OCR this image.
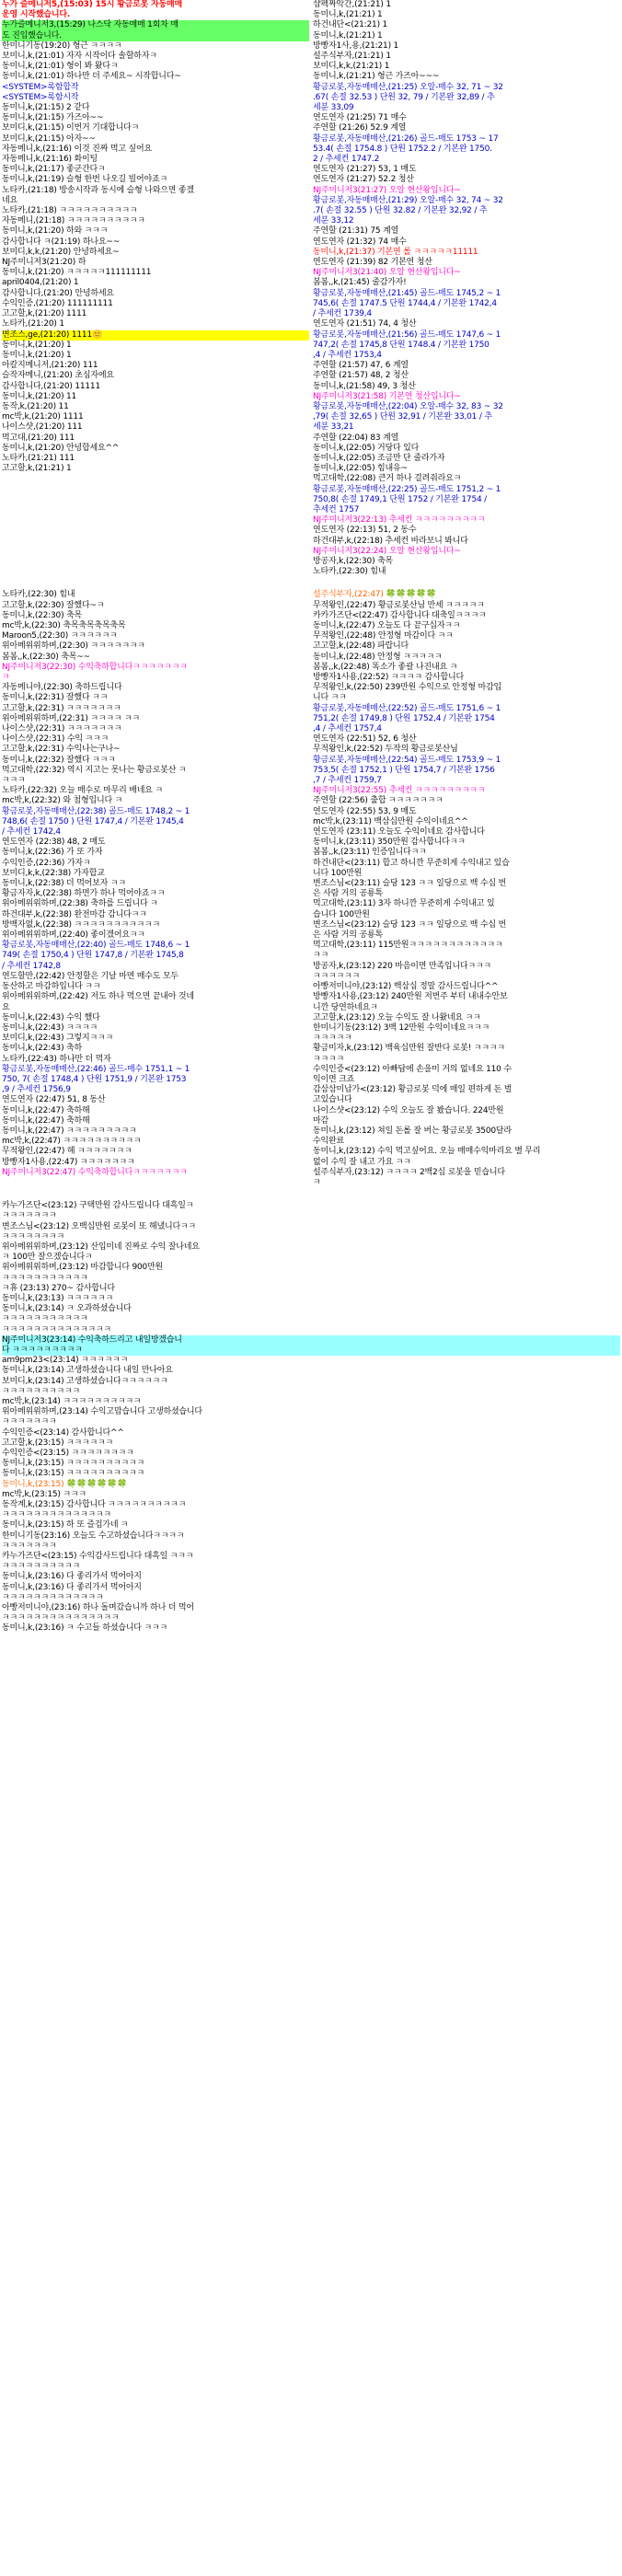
누가 즐메니저5,(15:03) 15시 황금로봇 자동매매
운영 시작했습니다.
누가즐메니저3,(15:29) 나스닥 자동매매 1회차 매
도 진입했습니다.
한미니기동(19:20) 형근 ㅋㅋㅋㅋ
보미니,k,(21:01) 자자 시작이다 솔할하자ㅋ
동미니,k,(21:01) 형이 봐 왔다ㅋ
동미니,k,(21:01) 하나만 더 주세요~ 시작합니다~
<SYSTEM>록함합작
<SYSTEM>록함시작
동미니,k,(21:15) 2 같다
동미니,k,(21:15) 가즈아~~
보미디,k,(21:15) 이번거 기대합니다ㅋ
보미디,k,(21:15) 아자~~
자동메니,k,(21:16) 이것 진짜 먹고 싶어요
자동메니,k,(21:16) 화이팅
동미니,k,(21:17) 좋군간다ㅋ
동미니,k,(21:19) 슬형 한번 나오길 빌어야죠ㅋ
노타카,(21:18) 방송시작과 동시에 슬형 나와으면 좋겠
네요
노타카,(21:18) ㅋㅋㅋㅋㅋㅋㅋㅋㅋㅋ
자동메니,(21:18) ㅋㅋㅋㅋㅋㅋㅋㅋㅋㅋ
동미니,k,(21:20) 하와 ㅋㅋㅋ
감사합니다 ㅋ(21:19) 하나요~~
보미디,k,k,(21:20) 안녕하세요~
NJ주미니저3(21:20) 하
동미니,k,(21:20) ㅋㅋㅋㅋㅋ111111111
april0404,(21:20) 1
감사합니다,(21:20) 안녕하세요
수익인증,(21:20) 111111111
고고할,k,(21:20) 1111
노타카,(21:20) 1
변조스,ge,(21:20) 1111🙂
동미니,k,(21:20) 1
동미니,k,(21:20) 1
아칼지메니저,(21:20) 111
슬작자메니,(21:20) 초심자에요
감사합니다,(21:20) 11111
동미니,k,(21:20) 11
동작,k,(21:20) 11
mc박,k,(21:20) 1111
나이스샷,(21:20) 111
먹고대,(21:20) 111
동미니,k,(21:20) 안녕합세요^^
노타카,(21:21) 111
고고할,k,(21:21) 1
샵펙짜악간,(21:21) 1
동미니,k,(21:21) 1
하건내단<(21:21) 1
동미니,k,(21:21) 1
방빵자1사,용,(21:21) 1
설주식부자,(21:21) 1
보미디,k,k,(21:21) 1
동미니,k,(21:21) 형근 가즈아~~~
황금로봇,자동매매산,(21:25) 오알-매수 32, 71 ~ 32
.67( 손절 32.53 ) 단원 32, 79 / 기본완 32,89 / 추
세분 33,09
연도연자 (21:25) 71 매수
주연할 (21:26) 52.9 계열
황금로봇,자동매매산,(21:26) 골드-매도 1753 ~ 17
53.4( 손절 1754.8 ) 단원 1752.2 / 기본완 1750.
2 / 추세컨 1747.2
연도연자 (21:27) 53, 1 매도
연도연자 (21:27) 52.2 청산
NJ주미니저3(21:27) 오알 현산왕입니다~
황금로봇,자동매매산,(21:29) 오알-매수 32, 74 ~ 32
.7( 손절 32.55 ) 단원 32.82 / 기본완 32,92 / 추
세분 33,12
주연할 (21:31) 75 계열
연도연자 (21:32) 74 매수
동미니,k,(21:37) 기본연 롤 ㅋㅋㅋㅋㅋ11111
연도연자 (21:39) 82 기본연 청산
NJ주미니저3(21:40) 오알 현산왕입니다~
봄봄,,k,(21:45) 줄감가자!
황금로봇,자동매매산,(21:45) 골드-매도 1745,2 ~ 1
745,6( 손절 1747.5 단원 1744,4 / 기본완 1742,4
/ 추세컨 1739,4
연도연자 (21:51) 74, 4 청산
황금로봇,자동매매산,(21:56) 골드-매도 1747,6 ~ 1
747,2( 손절 1745,8 단원 1748.4 / 기본완 1750
,4 / 추세컨 1753,4
주연할 (21:57) 47, 6 계열
주연할 (21:57) 48, 2 청산
동미니,k,(21:58) 49, 3 청산
NJ주미니저3(21:58) 기본연 청산입니다~
황금로봇,자동매매산,(22:04) 오알-매수 32, 83 ~ 32
,79( 손절 32,65 ) 단원 32,91 / 기본완 33,01 / 추
세분 33,21
주연할 (22:04) 83 계열
동미니,k,(22:05) 거당다 있다
동미니,k,(22:05) 조금만 단 줄라가자
동미니,k,(22:05) 힘내유~
먹고대학,(22:08) 큰거 하나 걸려줘라요ㅋ
황금로봇,자동매매산,(22:25) 골드-매도 1751,2 ~ 1
750,8( 손절 1749,1 단원 1752 / 기본완 1754 /
추세컨 1757
NJ주미니저3(22:13) 추세컨 ㅋㅋㅋㅋㅋㅋㅋㅋㅋ
연도연자 (22:13) 51, 2 동수
하건대부,k,(22:18) 추세컨 바라보니 봐니다
NJ주미니저3(22:24) 오알 현산왕입니다~
방공자,k,(22:30) 축목
노타카,(22:30) 힘내
노타카,(22:30) 힘내
고고할,k,(22:30) 잘했다~ㅋ
동미니,k,(22:30) 축목
mc박,k,(22:30) 축목축목축목축목
Maroon5,(22:30) ㅋㅋㅋㅋㅋㅋ
위아메위위하며,(22:30) ㅋㅋㅋㅋㅋㅋㅋ
봄봄,,k,(22:30) 축목~~
NJ주미니저3(22:30) 수익축하합니다ㅋㅋㅋㅋㅋㅋㅋ
ㅋ
자동메니야,(22:30) 축하드립니다
동미니,k,(22:31) 잘했다 ㅋㅋ
고고할,k,(22:31) ㅋㅋㅋㅋㅋㅋㅋ
위아메위위하며,(22:31) ㅋㅋㅋㅋ ㅋㅋ
나이스샷,(22:31) ㅋㅋㅋㅋㅋㅋㅋ
나이스샷,(22:31) 수익 ㅋㅋㅋ
고고할,k,(22:31) 수익나는구나~
동미니,k,(22:32) 잘했다 ㅋㅋㅋ
먹고대학,(22:32) 역시 지고는 못나는 황금로봇산 ㅋ
ㅋㅋㅋ
노타카,(22:32) 오늘 매수로 마무리 배네요 ㅋ
mc박,k,(22:32) 와 첨형입니다 ㅋ
황금로봇,자동매매산,(22:38) 골드-매도 1748,2 ~ 1
748,6( 손절 1750 ) 단원 1747,4 / 기본완 1745,4
/ 추세컨 1742,4
연도연자 (22:38) 48, 2 매도
동미니,k,(22:36) 가 또 가자
수익인증,(22:36) 가자ㅋ
보미디,k,k,(22:38) 가자합교
동미니,k,(22:38) 더 먹어보자 ㅋㅋ
황금자자,k,(22:38) 하면가 하나 먹어야죠ㅋㅋ
위아메위위하며,(22:38) 축하를 드립니다 ㅋ
하건대부,k,(22:38) 완전마감 감니다ㅋㅋ
방백자없,k,(22:38) ㅋㅋㅋㅋㅋㅋㅋㅋㅋㅋㅋ
위아메위위하며,(22:40) 좋이겠어요ㅋㅋ
황금로봇,자동매매산,(22:40) 골드-매도 1748,6 ~ 1
749( 손절 1750,4 ) 단원 1747,8 / 기본완 1745,8
/ 추세컨 1742,8
연도할만,(22:42) 안정할은 기날 마면 매수도 모두
동산하고 마감하입니다 ㅋㅋ
위아메위위하며,(22:42) 저도 하나 먹으면 끝내아 것네
요
동미니,k,(22:43) 수익 했다
동미니,k,(22:43) ㅋㅋㅋㅋ
보미디,k,(22:43) 그렇지ㅋㅋㅋ
동미니,k,(22:43) 축하
노타카,(22:43) 하나만 더 먹자
황금로봇,자동매매산,(22:46) 골드-매수 1751,1 ~ 1
750, 7( 손절 1748,4 ) 단원 1751,9 / 기본완 1753
,9 / 추세컨 1756,9
연도연자 (22:47) 51, 8 동산
동미니,k,(22:47) 축하해
동미니,k,(22:47) 축하해
동미니,k,(22:47) ㅋㅋㅋㅋㅋㅋㅋㅋㅋ
mc박,k,(22:47) ㅋㅋㅋㅋㅋㅋㅋㅋㅋㅋ
무적왕인,(22:47) 헤 ㅋㅋㅋㅋㅋㅋㅋ
방빵자1사용,(22:47) ㅋㅋㅋㅋㅋㅋㅋ
NJ주미니저3(22:47) 수익축하합니다ㅋㅋㅋㅋㅋㅋㅋ
설주식부자,(22:47) 🍀🍀🍀🍀🍀
무적왕인,(22:47) 황금로봇산님 만세 ㅋㅋㅋㅋㅋ
카카가즈단<(22:47) 감사합니다 대축일ㅋㅋㅋㅋ
동미니,k,(22:47) 오늘도 다 끝구십자ㅋㅋ
무적왕인,(22:48) 안정형 마감이다 ㅋㅋ
고고할,k,(22:48) 파랍니다
동미니,k,(22:48) 안정형 ㅋㅋㅋㅋㅋ
봄봄,,k,(22:48) 똑소가 좋괄 나진내요 ㅋ
방빵자1사용,(22:52) ㅋㅋㅋㅋ 감사합니다
무적왕인,k,(22:50) 239만원 수익으로 안정형 마감입
니다 ㅋㅋ
황금로봇,자동매매산,(22:52) 골드-매도 1751,6 ~ 1
751,2( 손절 1749,8 ) 단원 1752,4 / 기본완 1754
,4 / 추세컨 1757,4
연도연자 (22:51) 52, 6 청산
무적왕인,k,(22:52) 두작의 황금로봇산님
황금로봇,자동매매산,(22:54) 골드-매도 1753,9 ~ 1
753,5( 손절 1752,1 ) 단원 1754,7 / 기본완 1756
,7 / 추세컨 1759,7
NJ주미니저3(22:55) 추세컨 ㅋㅋㅋㅋㅋㅋㅋㅋㅋ
주연할 (22:56) 출합 ㅋㅋㅋㅋㅋㅋㅋ
연도연자 (22:55) 53, 9 매도
mc박,k,(23:11) 백삼십만원 수익이네요^^
연도연자 (23:11) 오늘도 수익이네요 감사합니다
동미니,k,(23:11) 350만원 감사합니다ㅋㅋ
봄봄,,k,(23:11) 인증입니다ㅋㅋ
하건내단<(23:11) 합고 하니깐 무준히게 수익내고 있습
니다 100만원
변조스님<(23:11) 슬당 123 ㅋㅋ 일당으로 백 수십 번
은 사람 거의 공룡톡
먹고대학,(23:11) 3자 하니깐 무준히게 수익내고 있
습니다 100만원
변조스님<(23:12) 슬당 123 ㅋㅋ 일당으로 백 수십 번
은 사람 거의 공룡톡
먹고대학,(23:11) 115만원ㅋㅋㅋㅋㅋㅋㅋㅋㅋㅋㅋㅋ
ㅋㅋ
방공자,k,(23:12) 220 마음이면 만족입니다ㅋㅋㅋ
ㅋㅋㅋㅋㅋㅋ
아빵저미니야,(23:12) 백삼십 정말 감사드립니다^^
방빵자1사용,(23:12) 240만원 저번주 부터 내내수안보
니깐 당연하네요ㅋ
고고할,k,(23:12) 오늘 수익도 잘 나왔네요 ㅋㅋ
한미니기동(23:12) 3백 12만원 수익이네요ㅋㅋㅋ
ㅋㅋㅋㅋㅋ
황금미자,k,(23:12) 백육십만원 잘반다 로봇! ㅋㅋㅋㅋ
ㅋㅋㅋㅋ
수익인증<(23:12) 아빠답에 손을미 거의 없네요 110 수
익이면 크죠
감삼삼미납가<(23:12) 황금로봇 덕에 매일 편하게 돈 벌
고있습니다
나이스샷<(23:12) 수익 오늘도 잘 봤습니다. 224만원
마감
동미니,k,(23:12) 쳐일 돈롤 잘 버는 황금로봇 3500달라
수익완료
동미니,k,(23:12) 수익 먹고싶어요. 오늘 매매수익마리요 별 무리
없이 수익 잘 내고 가요 ㅋㅋ
설주식부자,(23:12) ㅋㅋㅋㅋ 2백2십 로봇을 믿습니다
ㅋ
카누가즈단<(23:12) 구택만원 감사드립니다 대흑일ㅋ
ㅋㅋㅋㅋㅋㅋㅋ
변조스님<(23:12) 오백십만원 로봇이 또 해냈니다ㅋㅋ
ㅋㅋㅋㅋㅋㅋㅋㅋ
위아메위위하며,(23:12) 산입미네 진짜로 수익 잘나네요
ㅋ 100만 잘으겠습니다ㅋ
위아메위위하며,(23:12) 마감합니다 900만원
ㅋㅋㅋㅋㅋㅋㅋㅋㅋㅋㅋ
ㅋ휴 (23:13) 270~ 감사합니다
동미니,k,(23:13) ㅋㅋㅋㅋㅋㅋ
동미니,k,(23:14) ㅋ 오과하셨습니다
ㅋㅋㅋㅋㅋㅋㅋㅋㅋㅋㅋ
ㅋㅋㅋㅋㅋㅋㅋㅋㅋㅋㅋㅋㅋㅋ
NJ주미니저3(23:14) 수익축하드리고 내일방겠습니
다 ㅋㅋㅋㅋㅋㅋㅋㅋㅋ
am9pm23<(23:14) ㅋㅋㅋㅋㅋㅋ
동미니,k,(23:14) 고생하셨습니다 내일 만나아요
보미디,k,(23:14) 고생하셨습니다ㅋㅋㅋㅋㅋㅋ
ㅋㅋㅋㅋㅋㅋㅋㅋㅋㅋ
mc박,k,(23:14) ㅋㅋㅋㅋㅋㅋㅋㅋㅋㅋ
위아메위위하며,(23:14) 수익고맙습니다 고생하셨습니다
ㅋㅋㅋㅋㅋㅋㅋ
수익인증<(23:14) 감사합니다^^
고고할,k,(23:15) ㅋㅋㅋㅋㅋㅋ
수익인증<(23:15) ㅋㅋㅋㅋㅋㅋㅋㅋ
동미니,k,(23:15) ㅋㅋㅋㅋㅋㅋㅋㅋㅋㅋ
동미니,k,(23:15) ㅋㅋㅋㅋㅋㅋㅋㅋㅋㅋ
동미니,k,(23:15) 🍀🍀🍀🍀🍀🍀
mc박,k,(23:15) ㅋㅋㅋ
동작계,k,(23:15) 감사합니다 ㅋㅋㅋㅋㅋㅋㅋㅋㅋㅋ
ㅋㅋㅋㅋㅋㅋㅋㅋㅋㅋㅋㅋㅋㅋ
동미니,k,(23:15) 하 또 즐겁가네 ㅋ
한미니기동(23:16) 오늘도 수고하셨습니다ㅋㅋㅋㅋ
ㅋㅋㅋㅋㅋㅋㅋ
카누가즈단<(23:15) 수익감사드립니다 대흑일 ㅋㅋㅋ
ㅋㅋㅋㅋㅋㅋㅋㅋㅋㅋ
동미니,k,(23:16) 다 좋리가서 먹어아지
동미니,k,(23:16) 다 좋리가서 먹어아지
ㅋㅋㅋㅋㅋㅋㅋㅋㅋㅋㅋㅋㅋ
아빵저미니야,(23:16) 하나 돌며갔습니까 하나 더 먹어
ㅋㅋㅋㅋㅋㅋㅋㅋㅋㅋㅋㅋㅋㅋㅋ
동미니,k,(23:16) ㅋ 수고들 하셨습니다 ㅋㅋㅋ
